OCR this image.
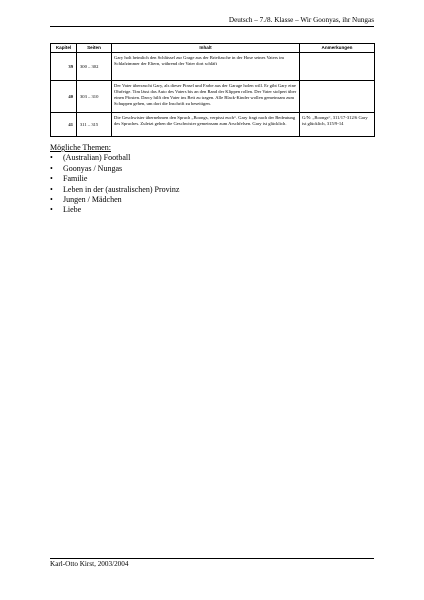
Deutsch – 7./8. Klasse – Wir Goonyas, ihr Nungas
Kapitel	Seiten	Inhalt	Anmerkungen
39	300 – 302	Gary holt heimlich den Schlüssel zur Grage aus der Brieftasche in der Hose seines Vaters im Schlafzimmer der Eltern, während der Vater dort schläft	
40	303 – 310	Der Vater überrascht Gary, als dieser Pinsel und Farbe aus der Garage holen will. Er gibt Gary eine Ohrfeige. Tim lässt das Auto des Vaters bis an den Rand der Klippen rollen. Der Vater stolpert über einen Pfosten. Darcy hilft den Vater ins Bett zu tragen. Alle Black-Kinder wollen gemeinsam zum Schuppen gehen, um dort die Inschrift zu beseitigen.	
41	311 – 315	Die Geschwister übernehmen den Spruch „Boongs, verpisst euch“. Gary fragt nach der Bedeutung des Spruches. Zuletzt gehen die Geschwister gemeinsam zum Arschfelsen. Gary ist glücklich.	G/N: „Boongs“, 311/17-312/6 Gary ist glücklich, 315/9-14
Mögliche Themen:
•	(Australian) Football
•	Goonyas / Nungas
•	Familie
•	Leben in der (australischen) Provinz
•	Jungen / Mädchen
•	Liebe
Karl-Otto Kirst, 2003/2004
